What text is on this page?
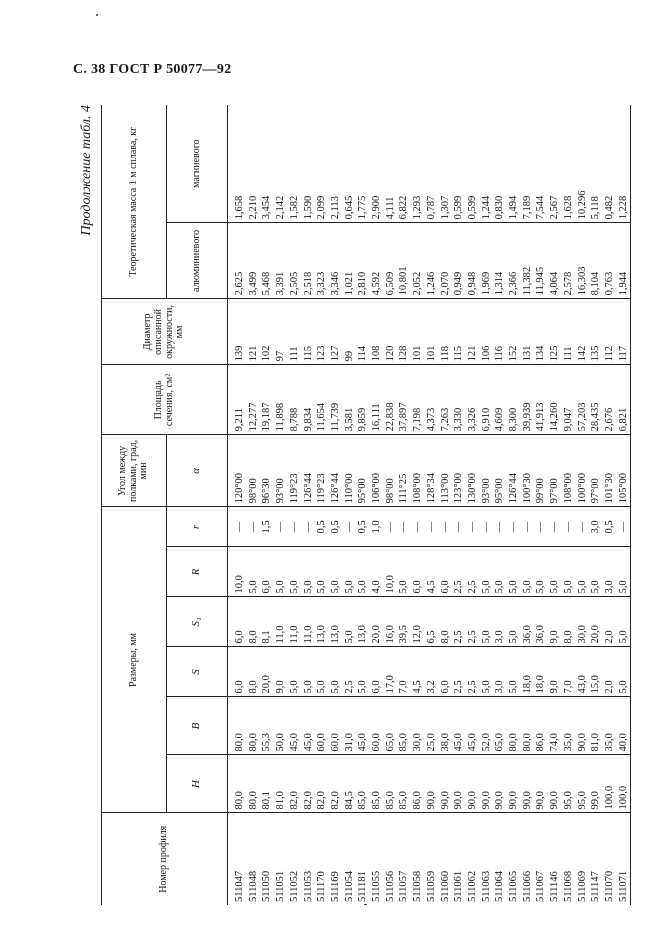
С. 38 ГОСТ Р 50077—92
Продолжение табл. 4
Номер профиля	Размеры, мм						Угол между полками, град, мин	Площадь сечения, см²	Диаметр описанной окружности, мм	Теоретическая масса 1 м сплава, кг	
	H	B	S	S₁	R	r	α			алюминиевого	магниевого
511047	80,0	80,0	6,0	6,0	10,0	—	120°00	9,211	139	2,625	1,658
511048	80,0	80,0	8,0	8,0	5,0	—	98°00	12,277	121	3,499	2,210
511050	80,1	55,3	20,0	8,1	6,0	1,5	96°30	19,187	102	5,468	3,454
511051	81,0	50,0	9,0	11,0	5,0	—	93°00	11,898	97	3,391	2,142
511052	82,0	45,0	5,0	11,0	5,0	—	119°23	8,788	111	2,505	1,582
511053	82,0	45,0	5,0	11,0	5,0	—	126°44	9,834	115	2,518	1,590
511170	82,0	60,0	5,0	13,0	5,0	0,5	119°23	11,654	123	3,323	2,099
511169	82,0	60,0	5,0	13,0	5,0	0,5	126°44	11,739	127	3,346	2,113
511054	84,5	31,0	2,5	5,0	5,0	—	110°00	3,581	99	1,021	0,645
511181	85,0	45,0	5,0	13,0	5,0	0,5	95°00	9,859	114	2,810	1,775
511055	85,0	60,0	6,0	20,0	4,0	1,0	106°00	16,111	108	4,592	2,900
511056	85,0	65,0	17,0	16,0	10,0	—	98°00	22,838	120	6,509	4,111
511057	85,0	85,0	7,0	39,5	5,0	—	111°25	37,897	128	10,801	6,822
511058	86,0	30,0	4,5	12,0	6,0	—	108°00	7,198	101	2,052	1,293
511059	90,0	25,0	3,2	6,5	4,5	—	128°34	4,373	101	1,246	0,787
511060	90,0	38,0	6,0	8,0	6,0	—	113°00	7,263	118	2,070	1,307
511061	90,0	45,0	2,5	2,5	2,5	—	123°00	3,330	115	0,949	0,599
511062	90,0	45,0	2,5	2,5	2,5	—	130°00	3,326	121	0,948	0,599
511063	90,0	52,0	5,0	5,0	5,0	—	93°00	6,910	106	1,969	1,244
511064	90,0	65,0	3,0	3,0	5,0	—	95°00	4,609	116	1,314	0,830
511065	90,0	80,0	5,0	5,0	5,0	—	126°44	8,300	152	2,366	1,494
511066	90,0	80,0	18,0	36,0	5,0	—	100°30	39,939	131	11,382	7,189
511067	90,0	86,0	18,0	36,0	5,0	—	99°00	41,913	134	11,945	7,544
511146	90,0	74,0	9,0	9,0	5,0	—	97°00	14,260	125	4,064	2,567
511068	95,0	35,0	7,0	8,0	5,0	—	108°00	9,047	111	2,578	1,628
511069	95,0	90,0	43,0	30,0	5,0	—	100°00	57,203	142	16,303	10,296
511147	99,0	81,0	15,0	20,0	5,0	3,0	97°00	28,435	135	8,104	5,118
511070	100,0	35,0	2,0	2,0	3,0	0,5	101°30	2,676	112	0,763	0,482
511071	100,0	40,0	5,0	5,0	5,0	—	105°00	6,821	117	1,944	1,228
